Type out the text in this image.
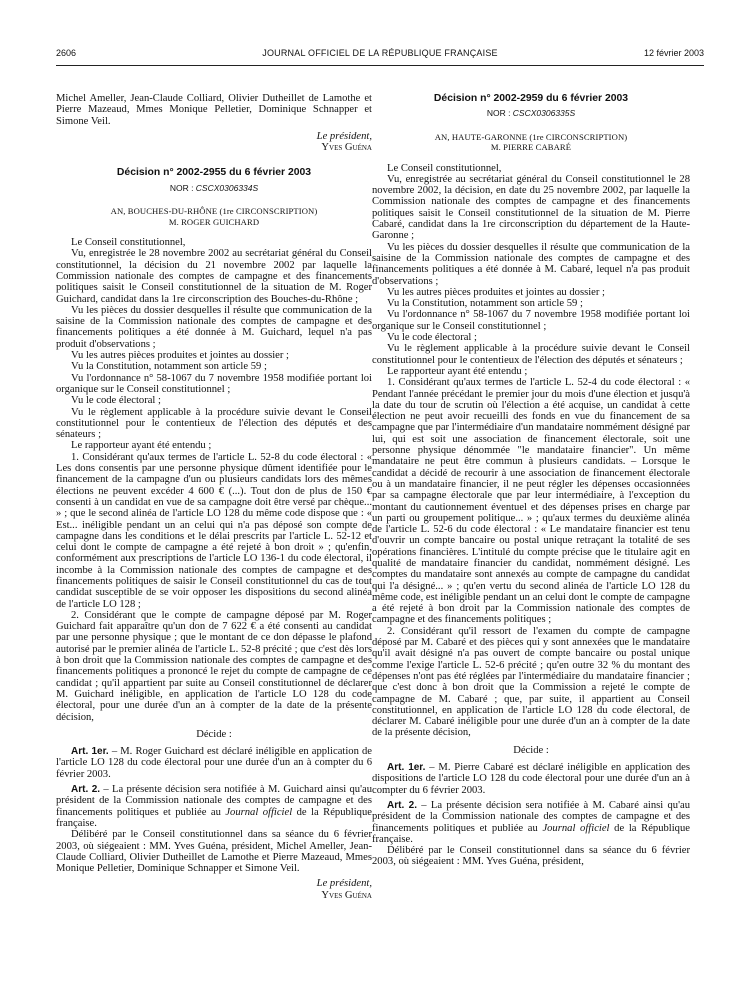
2606	JOURNAL OFFICIEL DE LA RÉPUBLIQUE FRANÇAISE	12 février 2003

Michel Ameller, Jean-Claude Colliard, Olivier Dutheillet de Lamothe et Pierre Mazeaud, Mmes Monique Pelletier, Dominique Schnapper et Simone Veil.

Le président,

Yves Guéna

Décision n° 2002-2955 du 6 février 2003
NOR : CSCX0306334S
AN, BOUCHES-DU-RHÔNE (1re CIRCONSCRIPTION)
M. ROGER GUICHARD

Le Conseil constitutionnel,

Vu, enregistrée le 28 novembre 2002 au secrétariat général du Conseil constitutionnel, la décision du 21 novembre 2002 par laquelle la Commission nationale des comptes de campagne et des financements politiques saisit le Conseil constitutionnel de la situation de M. Roger Guichard, candidat dans la 1re circonscription des Bouches-du-Rhône ;

Vu les pièces du dossier desquelles il résulte que communication de la saisine de la Commission nationale des comptes de campagne et des financements politiques a été donnée à M. Guichard, lequel n'a pas produit d'observations ;

Vu les autres pièces produites et jointes au dossier ;

Vu la Constitution, notamment son article 59 ;

Vu l'ordonnance n° 58-1067 du 7 novembre 1958 modifiée portant loi organique sur le Conseil constitutionnel ;

Vu le code électoral ;

Vu le règlement applicable à la procédure suivie devant le Conseil constitutionnel pour le contentieux de l'élection des députés et des sénateurs ;

Le rapporteur ayant été entendu ;

1. Considérant qu'aux termes de l'article L. 52-8 du code électoral : « Les dons consentis par une personne physique dûment identifiée pour le financement de la campagne d'un ou plusieurs candidats lors des mêmes élections ne peuvent excéder 4 600 € (...). Tout don de plus de 150 € consenti à un candidat en vue de sa campagne doit être versé par chèque... » ; que le second alinéa de l'article LO 128 du même code dispose que : « Est... inéligible pendant un an celui qui n'a pas déposé son compte de campagne dans les conditions et le délai prescrits par l'article L. 52-12 et celui dont le compte de campagne a été rejeté à bon droit » ; qu'enfin, conformément aux prescriptions de l'article LO 136-1 du code électoral, il incombe à la Commission nationale des comptes de campagne et des financements politiques de saisir le Conseil constitutionnel du cas de tout candidat susceptible de se voir opposer les dispositions du second alinéa de l'article LO 128 ;

2. Considérant que le compte de campagne déposé par M. Roger Guichard fait apparaître qu'un don de 7 622 € a été consenti au candidat par une personne physique ; que le montant de ce don dépasse le plafond autorisé par le premier alinéa de l'article L. 52-8 précité ; que c'est dès lors à bon droit que la Commission nationale des comptes de campagne et des financements politiques a prononcé le rejet du compte de campagne de ce candidat ; qu'il appartient par suite au Conseil constitutionnel de déclarer M. Guichard inéligible, en application de l'article LO 128 du code électoral, pour une durée d'un an à compter de la date de la présente décision,

Décide :

Art. 1er. – M. Roger Guichard est déclaré inéligible en application de l'article LO 128 du code électoral pour une durée d'un an à compter du 6 février 2003.

Art. 2. – La présente décision sera notifiée à M. Guichard ainsi qu'au président de la Commission nationale des comptes de campagne et des financements politiques et publiée au Journal officiel de la République française.

Délibéré par le Conseil constitutionnel dans sa séance du 6 février 2003, où siégeaient : MM. Yves Guéna, président, Michel Ameller, Jean-Claude Colliard, Olivier Dutheillet de Lamothe et Pierre Mazeaud, Mmes Monique Pelletier, Dominique Schnapper et Simone Veil.

Le président,

Yves Guéna

Décision n° 2002-2959 du 6 février 2003
NOR : CSCX0306335S
AN, HAUTE-GARONNE (1re CIRCONSCRIPTION)
M. PIERRE CABARÉ

Le Conseil constitutionnel,

Vu, enregistrée au secrétariat général du Conseil constitutionnel le 28 novembre 2002, la décision, en date du 25 novembre 2002, par laquelle la Commission nationale des comptes de campagne et des financements politiques saisit le Conseil constitutionnel de la situation de M. Pierre Cabaré, candidat dans la 1re circonscription du département de la Haute-Garonne ;

Vu les pièces du dossier desquelles il résulte que communication de la saisine de la Commission nationale des comptes de campagne et des financements politiques a été donnée à M. Cabaré, lequel n'a pas produit d'observations ;

Vu les autres pièces produites et jointes au dossier ;

Vu la Constitution, notamment son article 59 ;

Vu l'ordonnance n° 58-1067 du 7 novembre 1958 modifiée portant loi organique sur le Conseil constitutionnel ;

Vu le code électoral ;

Vu le règlement applicable à la procédure suivie devant le Conseil constitutionnel pour le contentieux de l'élection des députés et sénateurs ;

Le rapporteur ayant été entendu ;

1. Considérant qu'aux termes de l'article L. 52-4 du code électoral : « Pendant l'année précédant le premier jour du mois d'une élection et jusqu'à la date du tour de scrutin où l'élection a été acquise, un candidat à cette élection ne peut avoir recueilli des fonds en vue du financement de sa campagne que par l'intermédiaire d'un mandataire nommément désigné par lui, qui est soit une association de financement électorale, soit une personne physique dénommée "le mandataire financier". Un même mandataire ne peut être commun à plusieurs candidats. – Lorsque le candidat a décidé de recourir à une association de financement électorale ou à un mandataire financier, il ne peut régler les dépenses occasionnées par sa campagne électorale que par leur intermédiaire, à l'exception du montant du cautionnement éventuel et des dépenses prises en charge par un parti ou groupement politique... » ; qu'aux termes du deuxième alinéa de l'article L. 52-6 du code électoral : « Le mandataire financier est tenu d'ouvrir un compte bancaire ou postal unique retraçant la totalité de ses opérations financières. L'intitulé du compte précise que le titulaire agit en qualité de mandataire financier du candidat, nommément désigné. Les comptes du mandataire sont annexés au compte de campagne du candidat qui l'a désigné... » ; qu'en vertu du second alinéa de l'article LO 128 du même code, est inéligible pendant un an celui dont le compte de campagne a été rejeté à bon droit par la Commission nationale des comptes de campagne et des financements politiques ;

2. Considérant qu'il ressort de l'examen du compte de campagne déposé par M. Cabaré et des pièces qui y sont annexées que le mandataire qu'il avait désigné n'a pas ouvert de compte bancaire ou postal unique comme l'exige l'article L. 52-6 précité ; qu'en outre 32 % du montant des dépenses n'ont pas été réglées par l'intermédiaire du mandataire financier ; que c'est donc à bon droit que la Commission a rejeté le compte de campagne de M. Cabaré ; que, par suite, il appartient au Conseil constitutionnel, en application de l'article LO 128 du code électoral, de déclarer M. Cabaré inéligible pour une durée d'un an à compter de la date de la présente décision,

Décide :

Art. 1er. – M. Pierre Cabaré est déclaré inéligible en application des dispositions de l'article LO 128 du code électoral pour une durée d'un an à compter du 6 février 2003.

Art. 2. – La présente décision sera notifiée à M. Cabaré ainsi qu'au président de la Commission nationale des comptes de campagne et des financements politiques et publiée au Journal officiel de la République française.

Délibéré par le Conseil constitutionnel dans sa séance du 6 février 2003, où siégeaient : MM. Yves Guéna, président,
